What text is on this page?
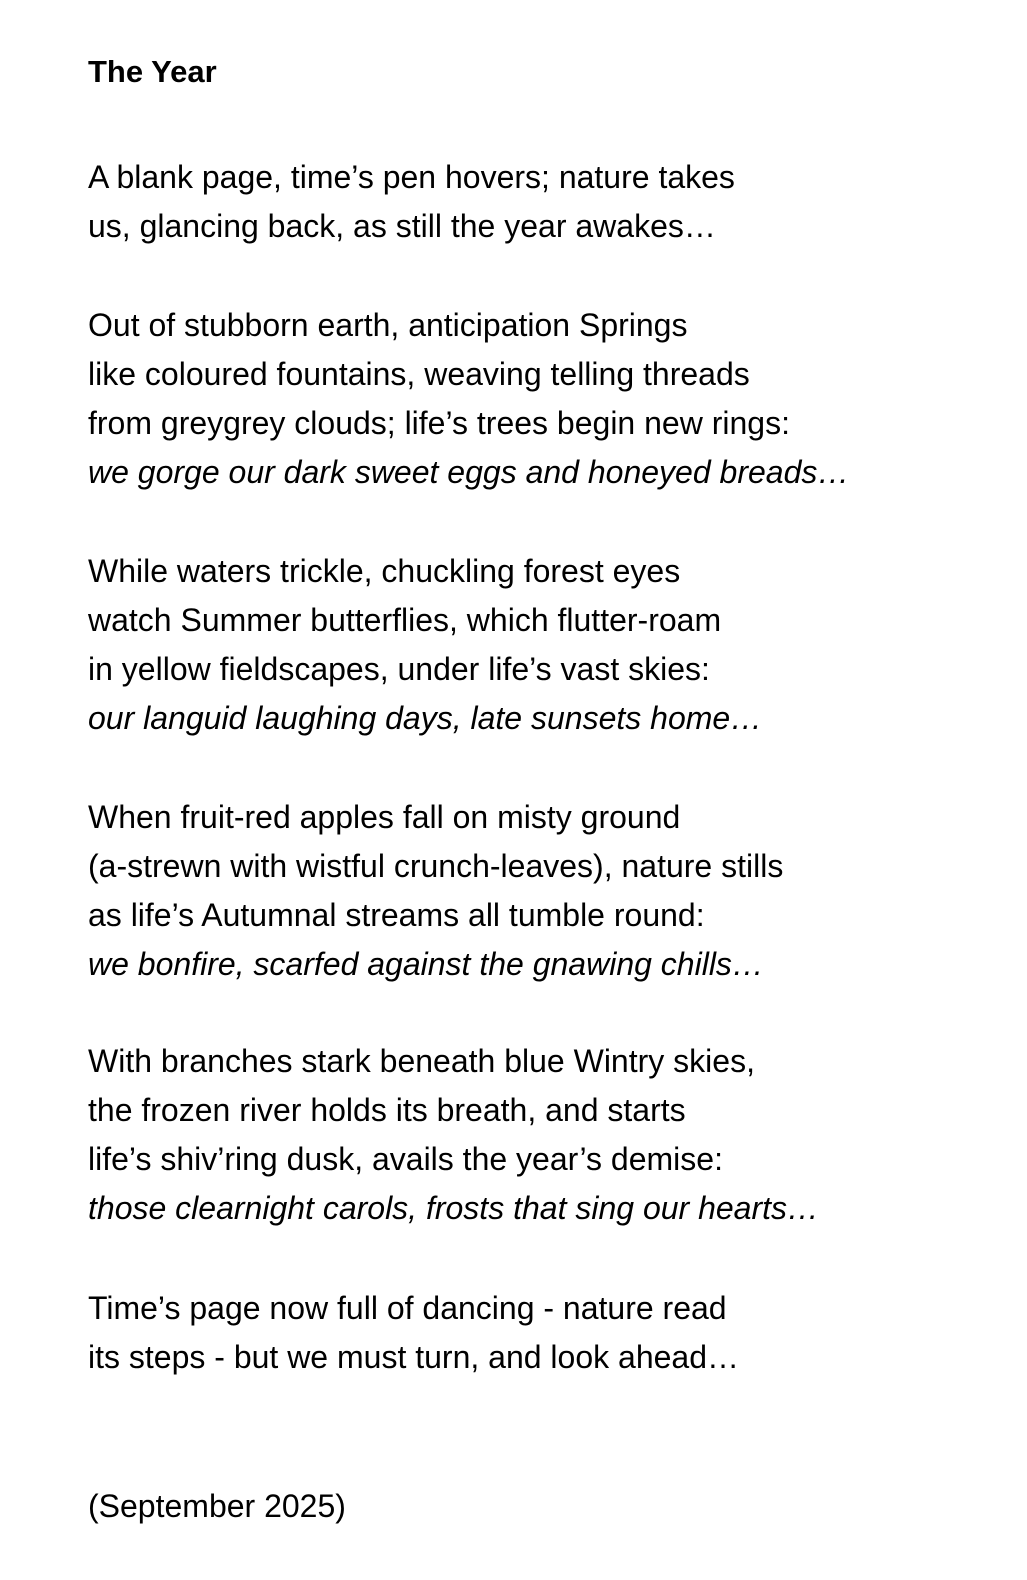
The Year
A blank page, time’s pen hovers; nature takes
us, glancing back, as still the year awakes…
Out of stubborn earth, anticipation Springs
like coloured fountains, weaving telling threads
from greygrey clouds; life’s trees begin new rings:
we gorge our dark sweet eggs and honeyed breads…
While waters trickle, chuckling forest eyes
watch Summer butterflies, which flutter-roam
in yellow fieldscapes, under life’s vast skies:
our languid laughing days, late sunsets home…
When fruit-red apples fall on misty ground
(a-strewn with wistful crunch-leaves), nature stills
as life’s Autumnal streams all tumble round:
we bonfire, scarfed against the gnawing chills…
With branches stark beneath blue Wintry skies,
the frozen river holds its breath, and starts
life’s shiv’ring dusk, avails the year’s demise:
those clearnight carols, frosts that sing our hearts…
Time’s page now full of dancing - nature read
its steps - but we must turn, and look ahead…

(September 2025)
